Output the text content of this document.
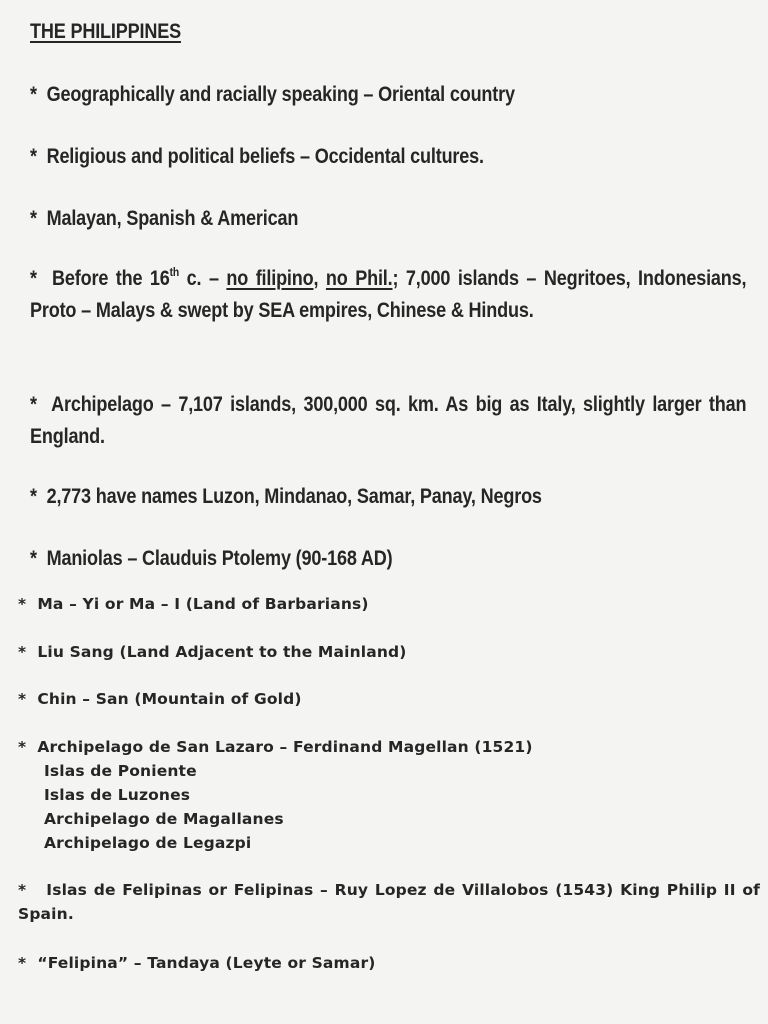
THE PHILIPPINES
* Geographically and racially speaking – Oriental country
* Religious and political beliefs – Occidental cultures.
* Malayan, Spanish & American
* Before the 16th c. – no filipino, no Phil.; 7,000 islands – Negritoes, Indonesians, Proto – Malays & swept by SEA empires, Chinese & Hindus.
* Archipelago – 7,107 islands, 300,000 sq. km. As big as Italy, slightly larger than England.
* 2,773 have names Luzon, Mindanao, Samar, Panay, Negros
* Maniolas – Clauduis Ptolemy (90-168 AD)
* Ma – Yi or Ma – I (Land of Barbarians)
* Liu Sang (Land Adjacent to the Mainland)
* Chin – San (Mountain of Gold)
* Archipelago de San Lazaro – Ferdinand Magellan (1521)
Islas de Poniente
Islas de Luzones
Archipelago de Magallanes
Archipelago de Legazpi
* Islas de Felipinas or Felipinas – Ruy Lopez de Villalobos (1543) King Philip II of Spain.
* “Felipina” – Tandaya (Leyte or Samar)
